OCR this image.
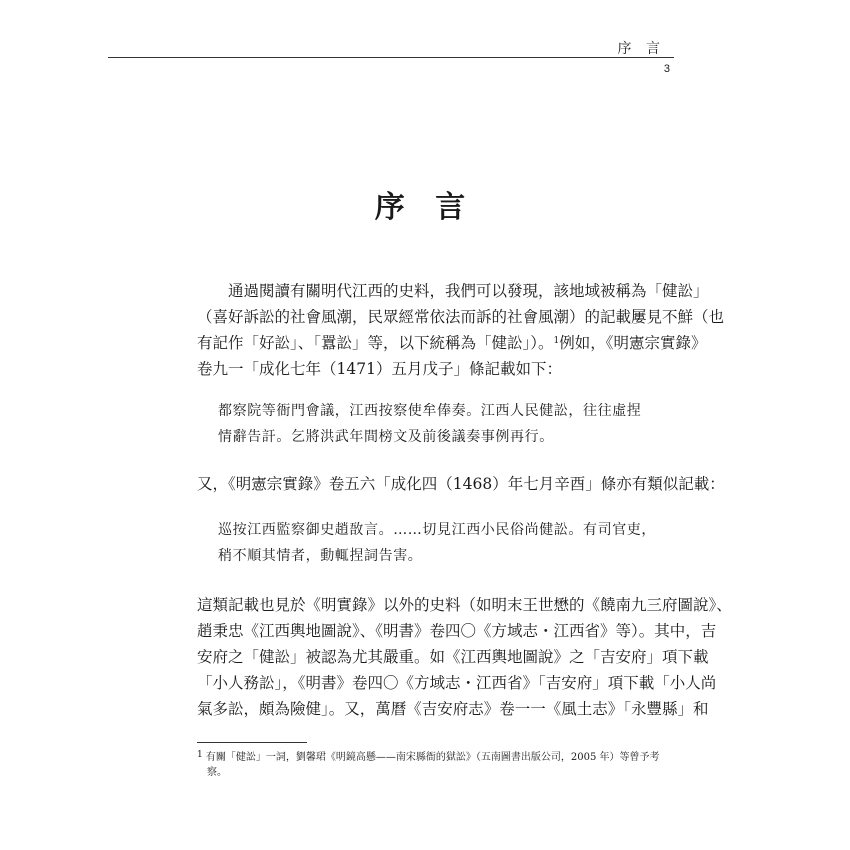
序 言
3
序 言

通過閱讀有關明代江西的史料，我們可以發現，該地域被稱為「健訟」
（喜好訴訟的社會風潮，民眾經常依法而訴的社會風潮）的記載屢見不鮮（也
有記作「好訟」、「囂訟」等，以下統稱為「健訟」）。$^1$例如，《明憲宗實錄》
卷九一「成化七年（1471）五月戊子」條記載如下：

都察院等衙門會議，江西按察使牟俸奏。江西人民健訟，往往虛捏
情辭告訐。乞將洪武年間榜文及前後議奏事例再行。

又，《明憲宗實錄》卷五六「成化四（1468）年七月辛酉」條亦有類似記載：

巡按江西監察御史趙敔言。……切見江西小民俗尚健訟。有司官吏，
稍不順其情者，動輒捏詞告害。

這類記載也見於《明實錄》以外的史料（如明末王世懋的《饒南九三府圖說》、
趙秉忠《江西輿地圖說》、《明書》卷四〇《方域志・江西省》等）。其中，吉
安府之「健訟」被認為尤其嚴重。如《江西輿地圖說》之「吉安府」項下載
「小人務訟」，《明書》卷四〇《方域志・江西省》「吉安府」項下載「小人尚
氣多訟，頗為險健」。又，萬曆《吉安府志》卷一一《風土志》「永豐縣」和

$^1$ 有關「健訟」一詞，劉馨珺《明鏡高懸——南宋縣衙的獄訟》（五南圖書出版公司，2005 年）等曾予考
察。
